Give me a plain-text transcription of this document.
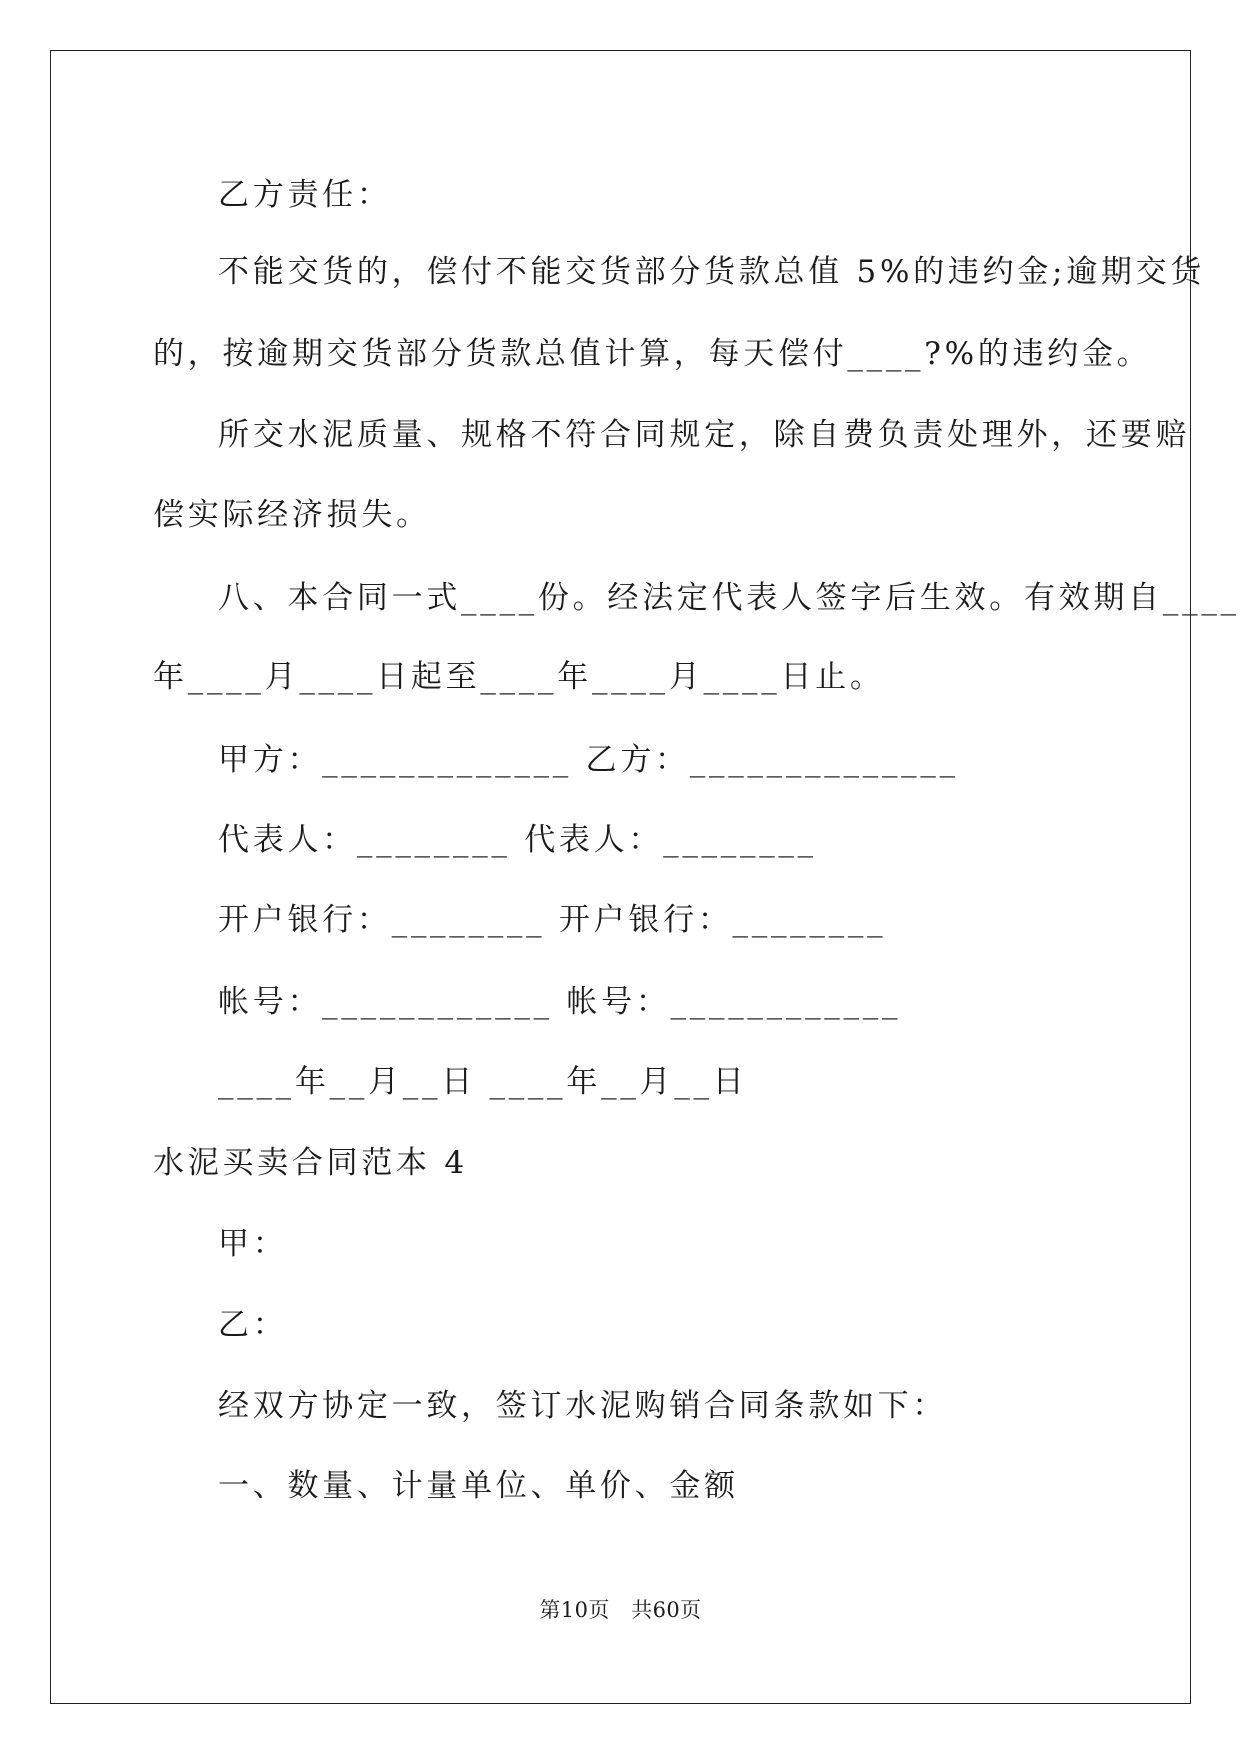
乙方责任：
不能交货的，偿付不能交货部分货款总值 5%的违约金;逾期交货
的，按逾期交货部分货款总值计算，每天偿付____?%的违约金。
所交水泥质量、规格不符合同规定，除自费负责处理外，还要赔
偿实际经济损失。
八、本合同一式____份。经法定代表人签字后生效。有效期自____
年____月____日起至____年____月____日止。
甲方：_____________ 乙方：______________
代表人：________ 代表人：________
开户银行：________ 开户银行：________
帐号：____________ 帐号：____________
____年__月__日 ____年__月__日
水泥买卖合同范本 4
甲：
乙：
经双方协定一致，签订水泥购销合同条款如下：
一、数量、计量单位、单价、金额
第10页　共60页
